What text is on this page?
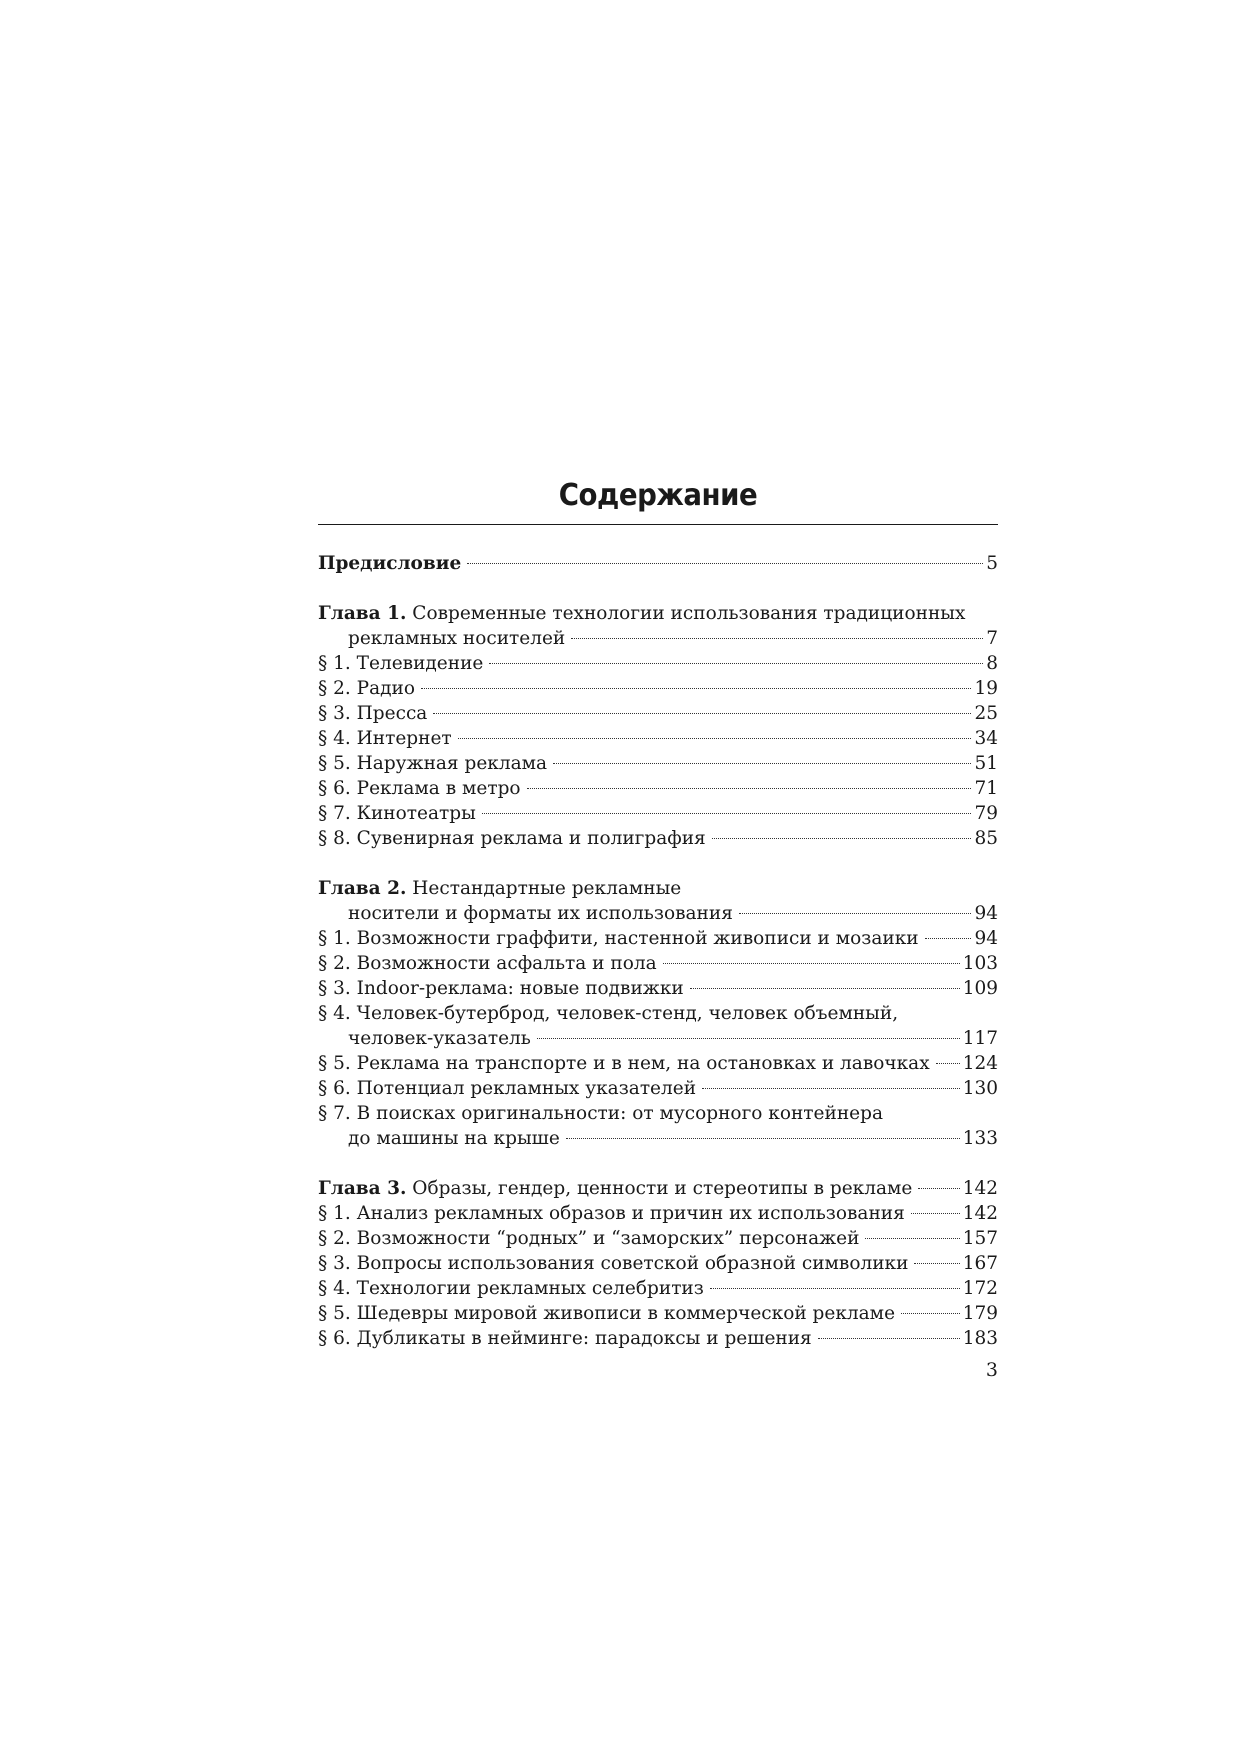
Содержание
Предисловие	5
Глава 1. Современные технологии использования традиционных
рекламных носителей	7
§ 1. Телевидение	8
§ 2. Радио	19
§ 3. Пресса	25
§ 4. Интернет	34
§ 5. Наружная реклама	51
§ 6. Реклама в метро	71
§ 7. Кинотеатры	79
§ 8. Сувенирная реклама и полиграфия	85
Глава 2. Нестандартные рекламные
носители и форматы их использования	94
§ 1. Возможности граффити, настенной живописи и мозаики	94
§ 2. Возможности асфальта и пола	103
§ 3. Indoor-реклама: новые подвижки	109
§ 4. Человек-бутерброд, человек-стенд, человек объемный,
человек-указатель	117
§ 5. Реклама на транспорте и в нем, на остановках и лавочках 124
§ 6. Потенциал рекламных указателей	130
§ 7. В поисках оригинальности: от мусорного контейнера
до машины на крыше	133
Глава 3. Образы, гендер, ценности и стереотипы в рекламе	142
§ 1. Анализ рекламных образов и причин их использования	142
§ 2. Возможности “родных” и “заморских” персонажей	157
§ 3. Вопросы использования советской образной символики	167
§ 4. Технологии рекламных селебритиз	172
§ 5. Шедевры мировой живописи в коммерческой рекламе	179
§ 6. Дубликаты в нейминге: парадоксы и решения	183
3
